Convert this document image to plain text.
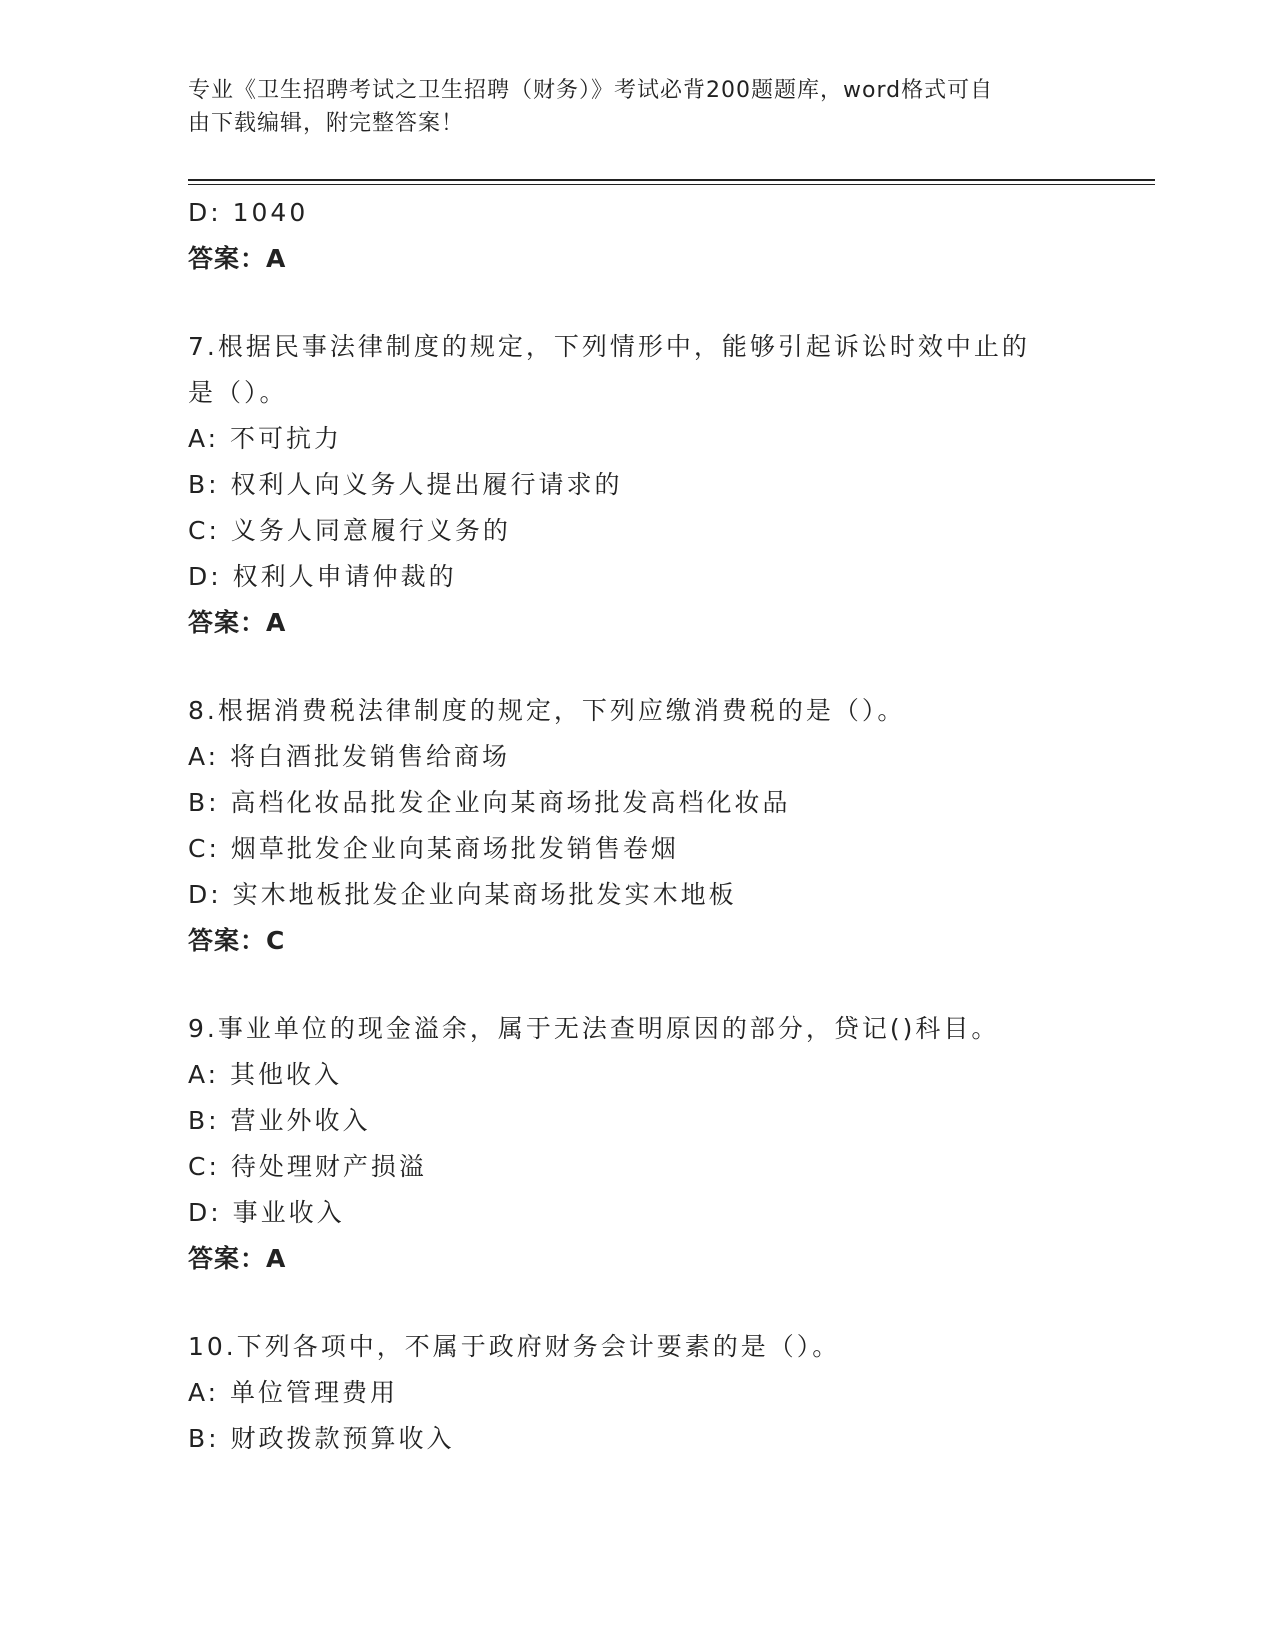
专业《卫生招聘考试之卫生招聘（财务）》考试必背200题题库，word格式可自
由下载编辑，附完整答案！
D: 1040
答案：A
7.根据民事法律制度的规定，下列情形中，能够引起诉讼时效中止的
是（）。
A: 不可抗力
B: 权利人向义务人提出履行请求的
C: 义务人同意履行义务的
D: 权利人申请仲裁的
答案：A
8.根据消费税法律制度的规定，下列应缴消费税的是（）。
A: 将白酒批发销售给商场
B: 高档化妆品批发企业向某商场批发高档化妆品
C: 烟草批发企业向某商场批发销售卷烟
D: 实木地板批发企业向某商场批发实木地板
答案：C
9.事业单位的现金溢余，属于无法查明原因的部分，贷记()科目。
A: 其他收入
B: 营业外收入
C: 待处理财产损溢
D: 事业收入
答案：A
10.下列各项中，不属于政府财务会计要素的是（）。
A: 单位管理费用
B: 财政拨款预算收入
